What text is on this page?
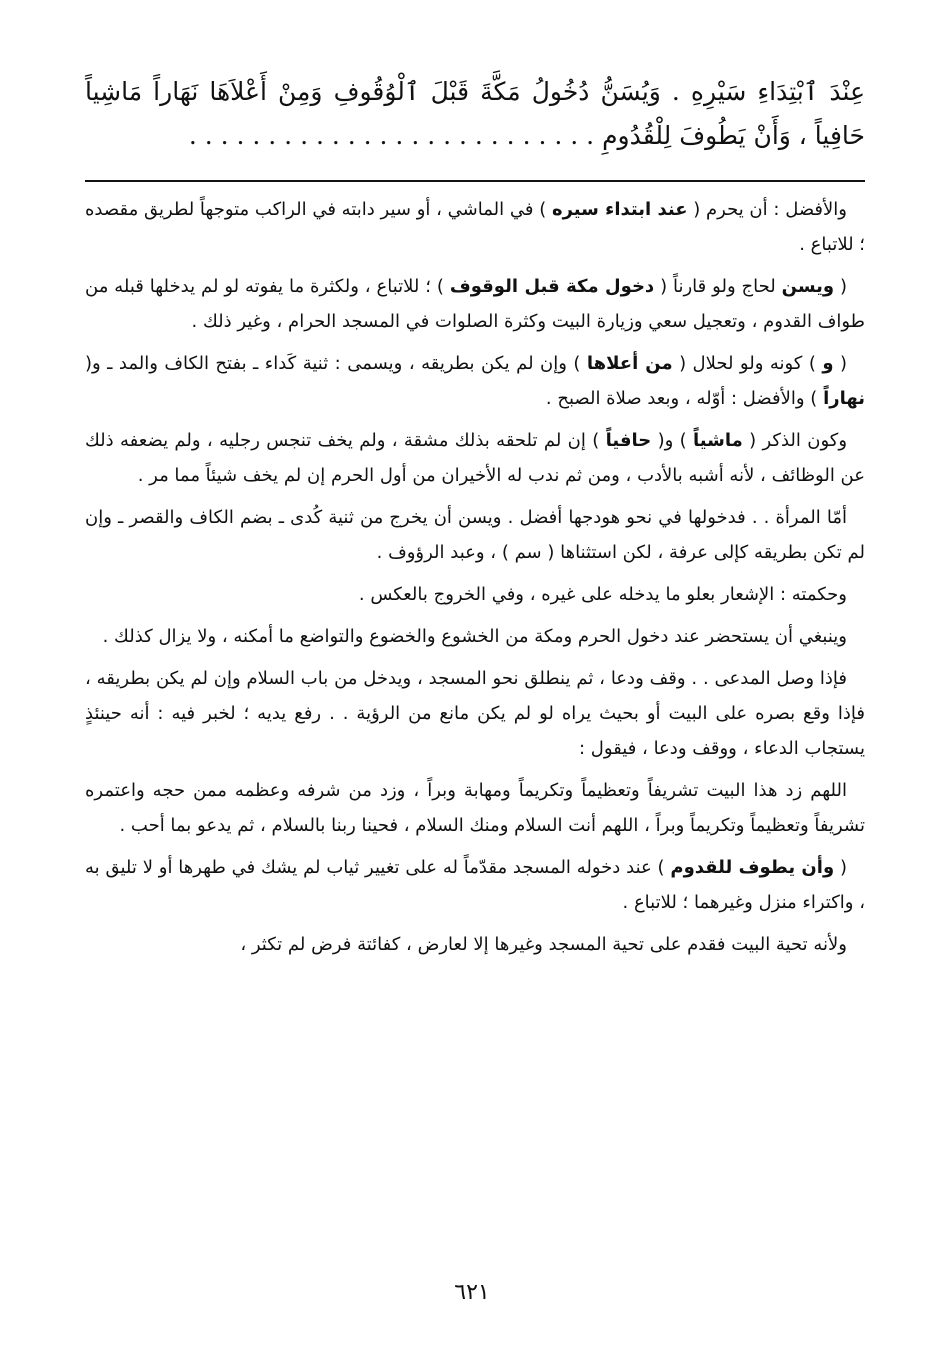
عِنْدَ ٱبْتِدَاءِ سَيْرِهِ . وَيُسَنُّ دُخُولُ مَكَّةَ قَبْلَ ٱلْوُقُوفِ وَمِنْ أَعْلاَهَا نَهَاراً مَاشِياً حَافِياً ، وَأَنْ يَطُوفَ لِلْقُدُومِ . . . . . . . . . . . . . . . . . . . . . . . . . .

والأفضل : أن يحرم ( عند ابتداء سيره ) في الماشي ، أو سير دابته في الراكب متوجهاً لطريق مقصده ؛ للاتباع .

( ويسن لحاج ولو قارناً ( دخول مكة قبل الوقوف ) ؛ للاتباع ، ولكثرة ما يفوته لو لم يدخلها قبله من طواف القدوم ، وتعجيل سعي وزيارة البيت وكثرة الصلوات في المسجد الحرام ، وغير ذلك .

( و ) كونه ولو لحلال ( من أعلاها ) وإن لم يكن بطريقه ، ويسمى : ثنية كَداء ـ بفتح الكاف والمد ـ و( نهاراً ) والأفضل : أوّله ، وبعد صلاة الصبح .

وكون الذكر ( ماشياً ) و( حافياً ) إن لم تلحقه بذلك مشقة ، ولم يخف تنجس رجليه ، ولم يضعفه ذلك عن الوظائف ، لأنه أشبه بالأدب ، ومن ثم ندب له الأخيران من أول الحرم إن لم يخف شيئاً مما مر .

أمّا المرأة . . فدخولها في نحو هودجها أفضل . ويسن أن يخرج من ثنية كُدى ـ بضم الكاف والقصر ـ وإن لم تكن بطريقه كإلى عرفة ، لكن استثناها ( سم ) ، وعبد الرؤوف .

وحكمته : الإشعار بعلو ما يدخله على غيره ، وفي الخروج بالعكس .

وينبغي أن يستحضر عند دخول الحرم ومكة من الخشوع والخضوع والتواضع ما أمكنه ، ولا يزال كذلك .

فإذا وصل المدعى . . وقف ودعا ، ثم ينطلق نحو المسجد ، ويدخل من باب السلام وإن لم يكن بطريقه ، فإذا وقع بصره على البيت أو بحيث يراه لو لم يكن مانع من الرؤية . . رفع يديه ؛ لخبر فيه : أنه حينئذٍ يستجاب الدعاء ، ووقف ودعا ، فيقول :

اللهم زد هذا البيت تشريفاً وتعظيماً وتكريماً ومهابة وبراً ، وزد من شرفه وعظمه ممن حجه واعتمره تشريفاً وتعظيماً وتكريماً وبراً ، اللهم أنت السلام ومنك السلام ، فحينا ربنا بالسلام ، ثم يدعو بما أحب .

( وأن يطوف للقدوم ) عند دخوله المسجد مقدّماً له على تغيير ثياب لم يشك في طهرها أو لا تليق به ، واكتراء منزل وغيرهما ؛ للاتباع .

ولأنه تحية البيت فقدم على تحية المسجد وغيرها إلا لعارض ، كفائتة فرض لم تكثر ،

٦٢١
